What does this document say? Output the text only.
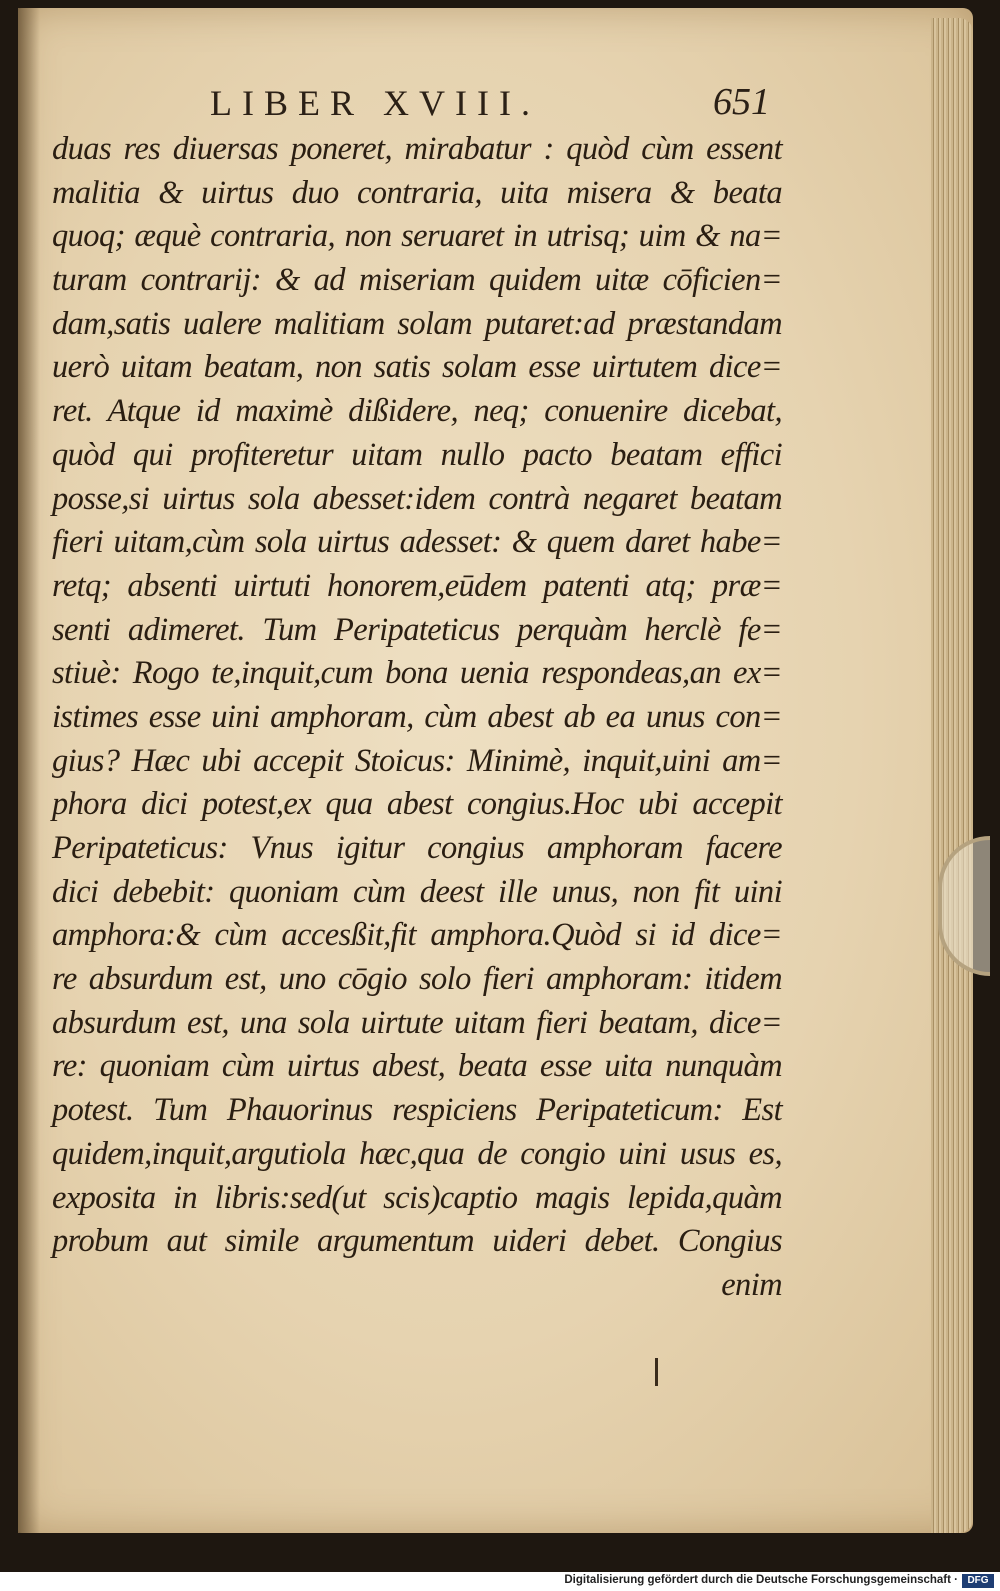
LIBER XVIII.	651
duas res diuersas poneret, mirabatur : quòd cùm essent
malitia & uirtus duo contraria, uita misera & beata
quoq; æquè contraria, non seruaret in utrisq; uim & na=
turam contrarij: & ad miseriam quidem uitæ cōficien=
dam,satis ualere malitiam solam putaret:ad præstandam
uerò uitam beatam, non satis solam esse uirtutem dice=
ret. Atque id maximè dißidere, neq; conuenire dicebat,
quòd qui profiteretur uitam nullo pacto beatam effici
posse,si uirtus sola abesset:idem contrà negaret beatam
fieri uitam,cùm sola uirtus adesset: & quem daret habe=
retq; absenti uirtuti honorem,eūdem patenti atq; præ=
senti adimeret. Tum Peripateticus perquàm herclè fe=
stiuè: Rogo te,inquit,cum bona uenia respondeas,an ex=
istimes esse uini amphoram, cùm abest ab ea unus con=
gius? Hæc ubi accepit Stoicus: Minimè, inquit,uini am=
phora dici potest,ex qua abest congius.Hoc ubi accepit
Peripateticus: Vnus igitur congius amphoram facere
dici debebit: quoniam cùm deest ille unus, non fit uini
amphora:& cùm accesßit,fit amphora.Quòd si id dice=
re absurdum est, uno cōgio solo fieri amphoram: itidem
absurdum est, una sola uirtute uitam fieri beatam, dice=
re: quoniam cùm uirtus abest, beata esse uita nunquàm
potest. Tum Phauorinus respiciens Peripateticum: Est
quidem,inquit,argutiola hæc,qua de congio uini usus es,
exposita in libris:sed(ut scis)captio magis lepida,quàm
probum aut simile argumentum uideri debet. Congius
enim
Digitalisierung gefördert durch die Deutsche Forschungsgemeinschaft · DFG
